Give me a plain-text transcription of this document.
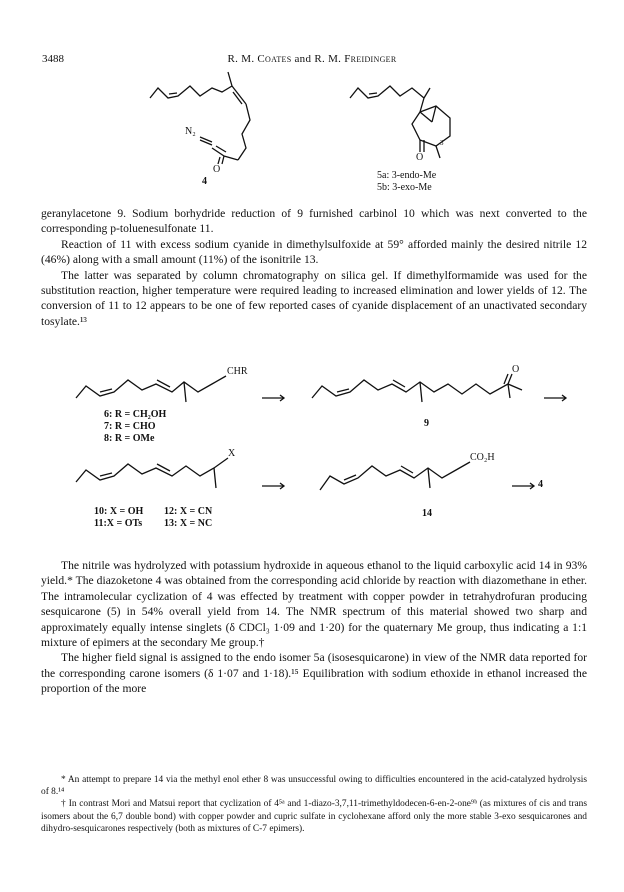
3488	R. M. Coates and R. M. Freidinger
N₂
O
4
3
O
5a: 3-endo-Me
5b: 3-exo-Me

geranylacetone 9. Sodium borhydride reduction of 9 furnished carbinol 10 which was next converted to the corresponding p-toluenesulfonate 11.

Reaction of 11 with excess sodium cyanide in dimethylsulfoxide at 59° afforded mainly the desired nitrile 12 (46%) along with a small amount (11%) of the isonitrile 13.

The latter was separated by column chromatography on silica gel. If dimethylformamide was used for the substitution reaction, higher temperature were required leading to increased elimination and lower yields of 12. The conversion of 11 to 12 appears to be one of few reported cases of cyanide displacement of an unactivated secondary tosylate.¹³

CHR
6: R = CH₂OH
7: R = CHO
8: R = OMe
O
9
X
10: X = OH
11:X = OTs
12: X = CN
13: X = NC
CO₂H
14
4

The nitrile was hydrolyzed with potassium hydroxide in aqueous ethanol to the liquid carboxylic acid 14 in 93% yield.* The diazoketone 4 was obtained from the corresponding acid chloride by reaction with diazomethane in ether. The intramolecular cyclization of 4 was effected by treatment with copper powder in tetrahydrofuran producing sesquicarone (5) in 54% overall yield from 14. The NMR spectrum of this material showed two sharp and approximately equally intense singlets (δ CDCl₃ 1·09 and 1·20) for the quaternary Me group, thus indicating a 1:1 mixture of epimers at the secondary Me group.†

The higher field signal is assigned to the endo isomer 5a (isosesquicarone) in view of the NMR data reported for the corresponding carone isomers (δ 1·07 and 1·18).¹⁵ Equilibration with sodium ethoxide in ethanol increased the proportion of the more

* An attempt to prepare 14 via the methyl enol ether 8 was unsuccessful owing to difficulties encountered in the acid-catalyzed hydrolysis of 8.¹⁴

† In contrast Mori and Matsui report that cyclization of 4⁵ᵃ and 1-diazo-3,7,11-trimethyldodecen-6-en-2-one⁹ᵇ (as mixtures of cis and trans isomers about the 6,7 double bond) with copper powder and cupric sulfate in cyclohexane afford only the more stable 3-exo sesquicarones and dihydro-sesquicarones respectively (both as mixtures of C-7 epimers).
